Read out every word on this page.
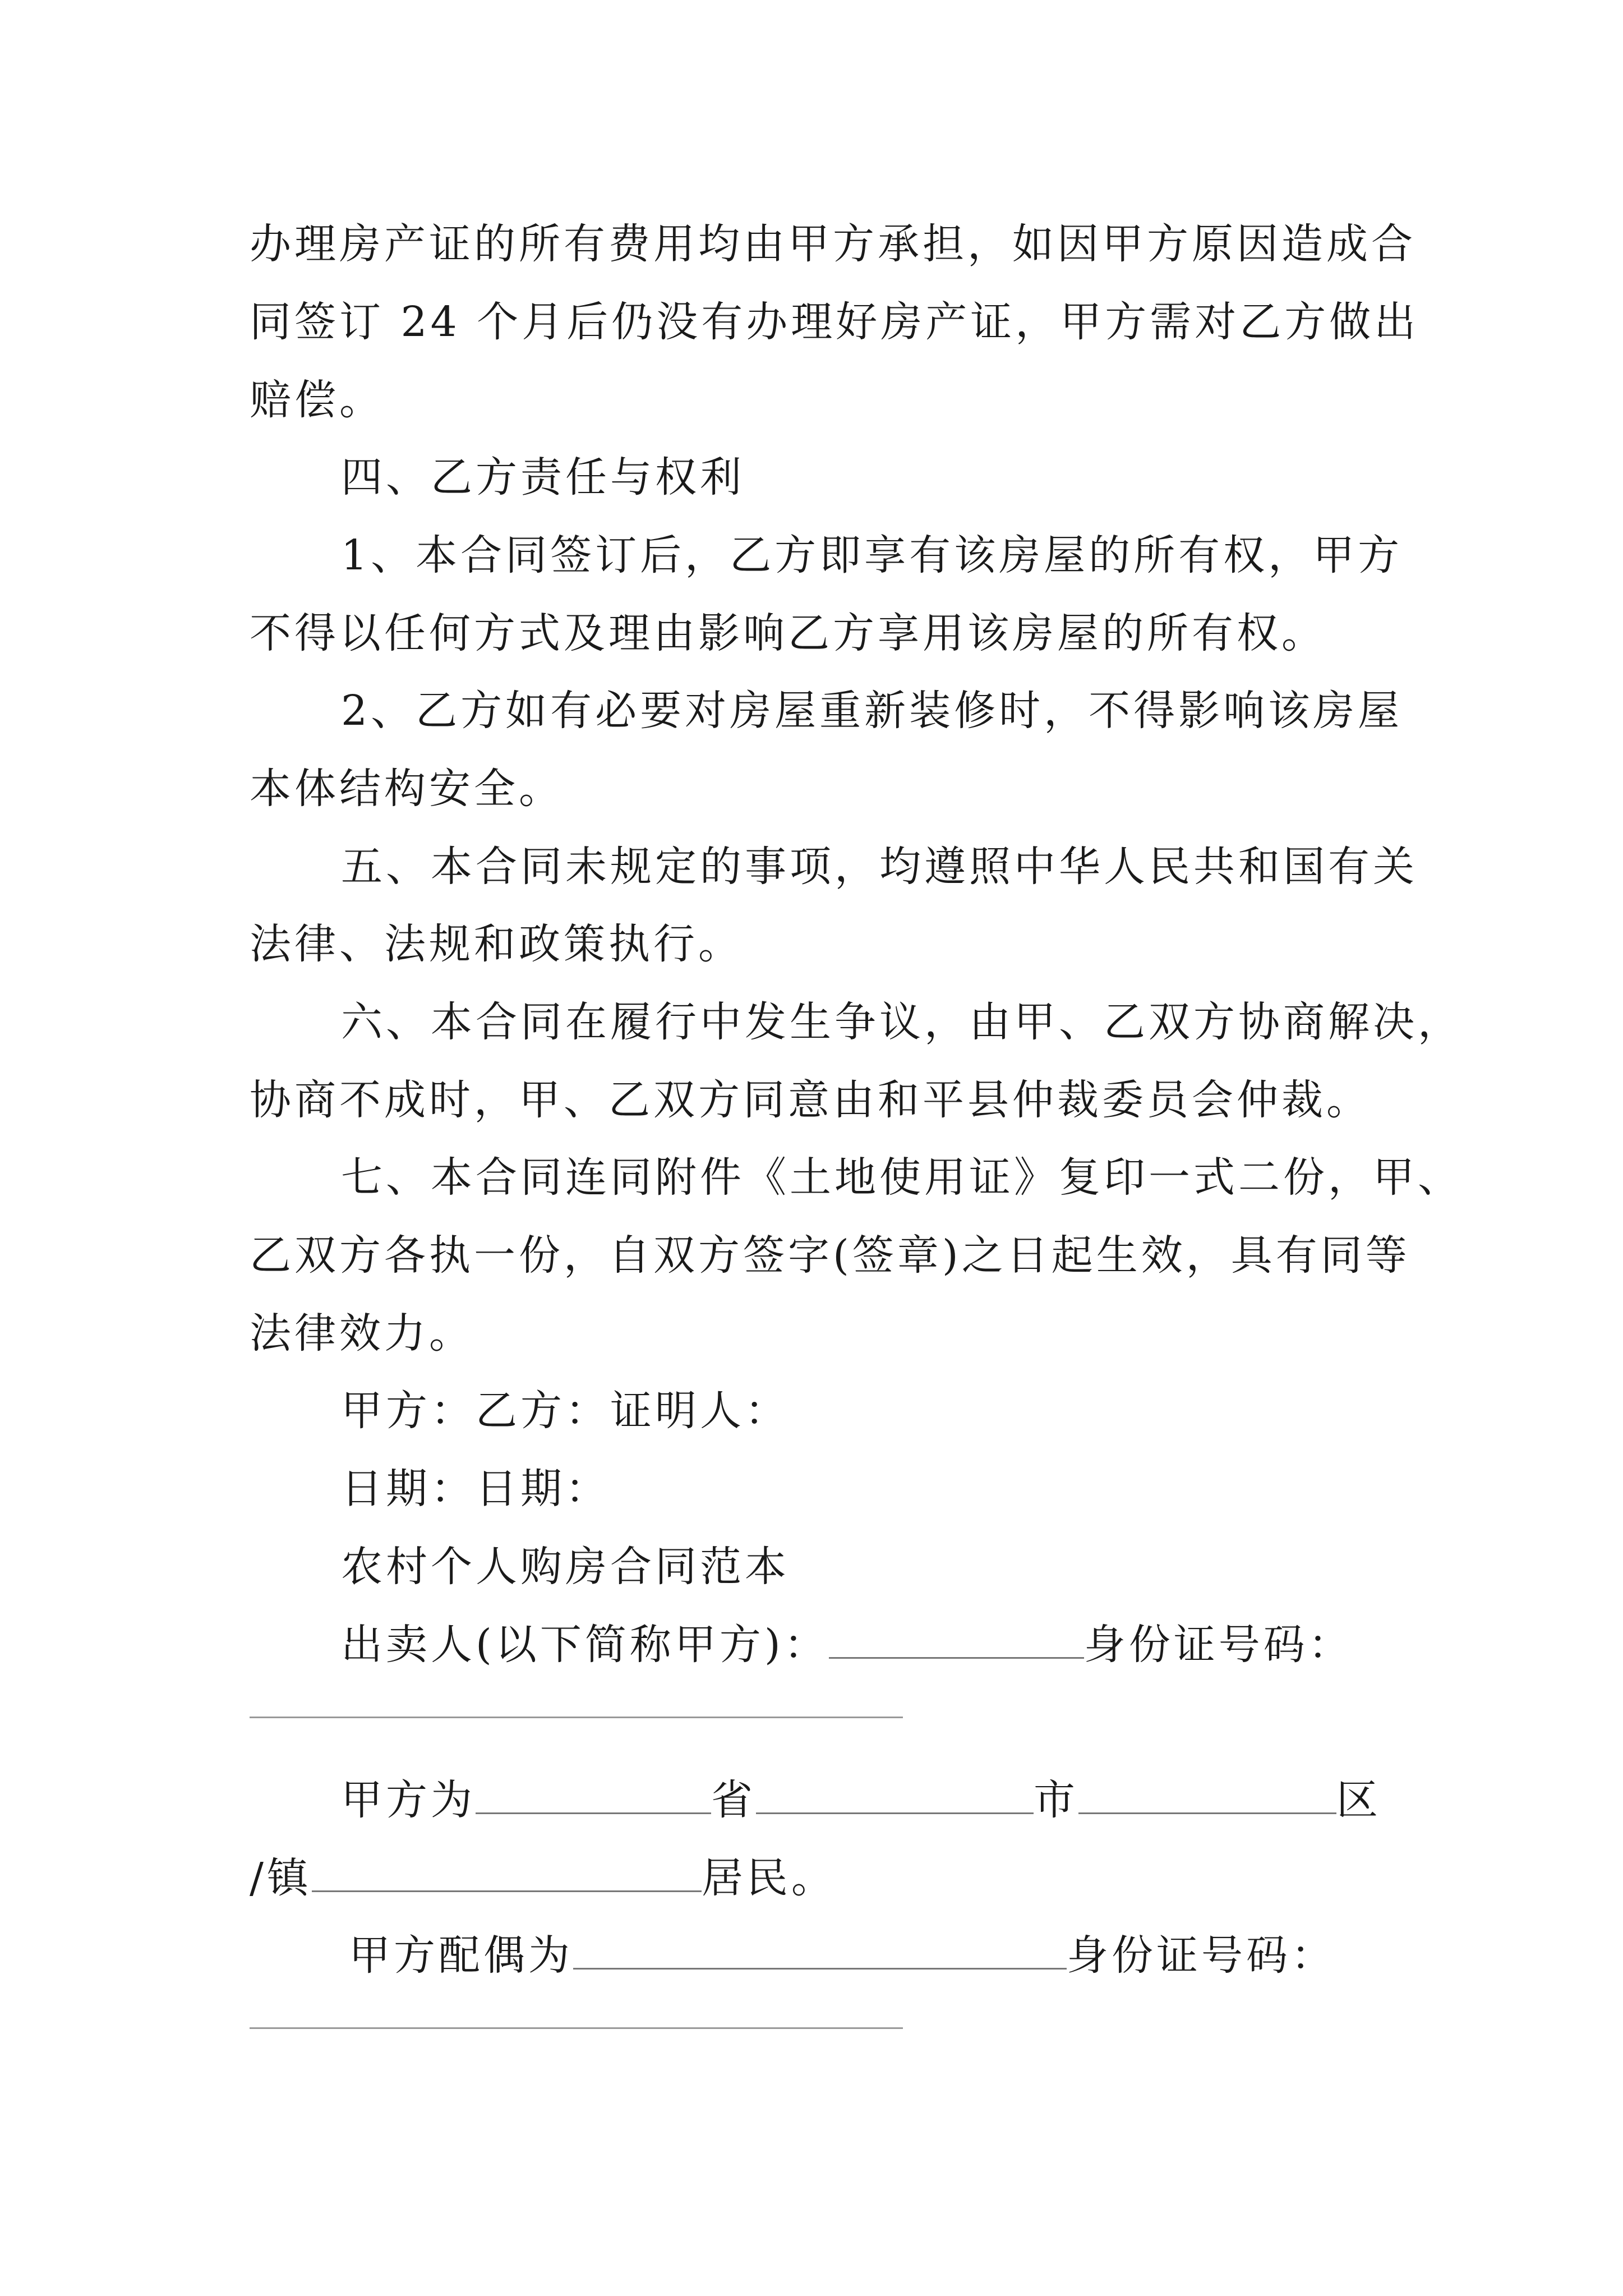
办理房产证的所有费用均由甲方承担，如因甲方原因造成合
同签订 24 个月后仍没有办理好房产证，甲方需对乙方做出
赔偿。
四、乙方责任与权利
1、本合同签订后，乙方即享有该房屋的所有权，甲方
不得以任何方式及理由影响乙方享用该房屋的所有权。
2、乙方如有必要对房屋重新装修时，不得影响该房屋
本体结构安全。
五、本合同未规定的事项，均遵照中华人民共和国有关
法律、法规和政策执行。
六、本合同在履行中发生争议，由甲、乙双方协商解决，
协商不成时，甲、乙双方同意由和平县仲裁委员会仲裁。
七、本合同连同附件《土地使用证》复印一式二份，甲、
乙双方各执一份，自双方签字(签章)之日起生效，具有同等
法律效力。
甲方：乙方：证明人：
日期：日期：
农村个人购房合同范本
出卖人(以下简称甲方)：	身份证号码：
甲方为	省	市	区
/镇	居民。
甲方配偶为	身份证号码：
